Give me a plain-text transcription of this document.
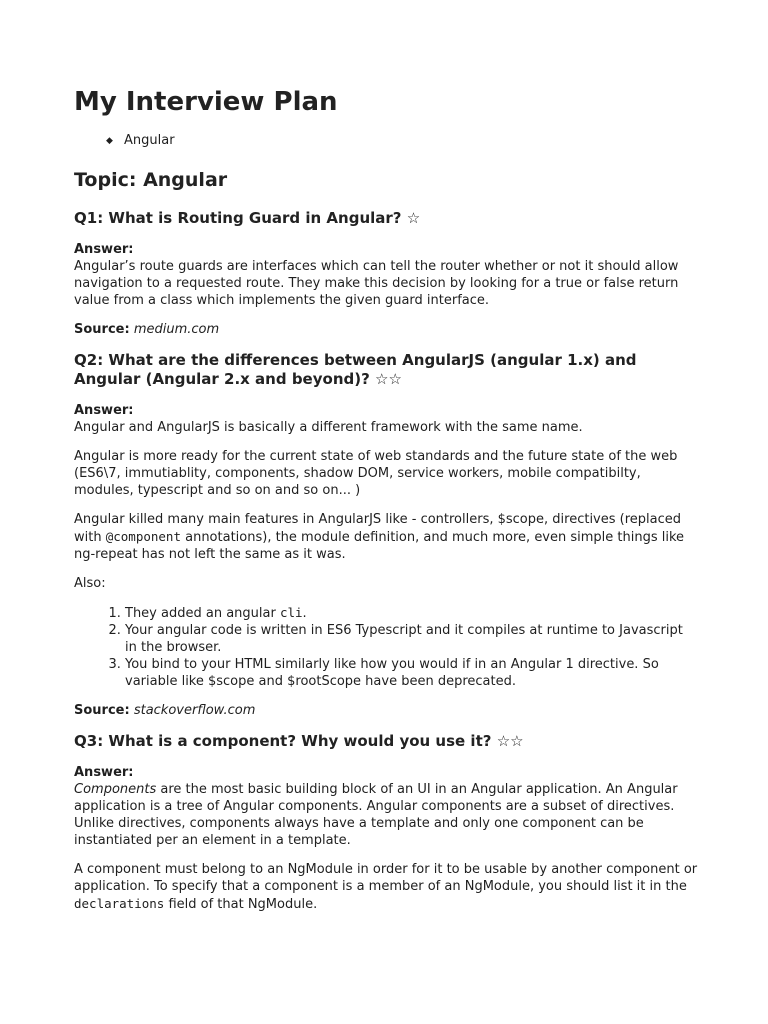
My Interview Plan
◆ Angular
Topic: Angular
Q1: What is Routing Guard in Angular? ☆

Answer:

Angular’s route guards are interfaces which can tell the router whether or not it should allow navigation to a requested route. They make this decision by looking for a true or false return value from a class which implements the given guard interface.

Source: medium.com

Q2: What are the differences between AngularJS (angular 1.x) and Angular (Angular 2.x and beyond)? ☆☆

Answer:

Angular and AngularJS is basically a different framework with the same name.

Angular is more ready for the current state of web standards and the future state of the web (ES6\7, immutiablity, components, shadow DOM, service workers, mobile compatibilty, modules, typescript and so on and so on... )

Angular killed many main features in AngularJS like - controllers, $scope, directives (replaced with @component annotations), the module definition, and much more, even simple things like ng-repeat has not left the same as it was.

Also:

1. They added an angular cli.
2. Your angular code is written in ES6 Typescript and it compiles at runtime to Javascript in the browser.
3. You bind to your HTML similarly like how you would if in an Angular 1 directive. So variable like $scope and $rootScope have been deprecated.

Source: stackoverflow.com

Q3: What is a component? Why would you use it? ☆☆

Answer:

Components are the most basic building block of an UI in an Angular application. An Angular application is a tree of Angular components. Angular components are a subset of directives. Unlike directives, components always have a template and only one component can be instantiated per an element in a template.

A component must belong to an NgModule in order for it to be usable by another component or application. To specify that a component is a member of an NgModule, you should list it in the declarations field of that NgModule.
